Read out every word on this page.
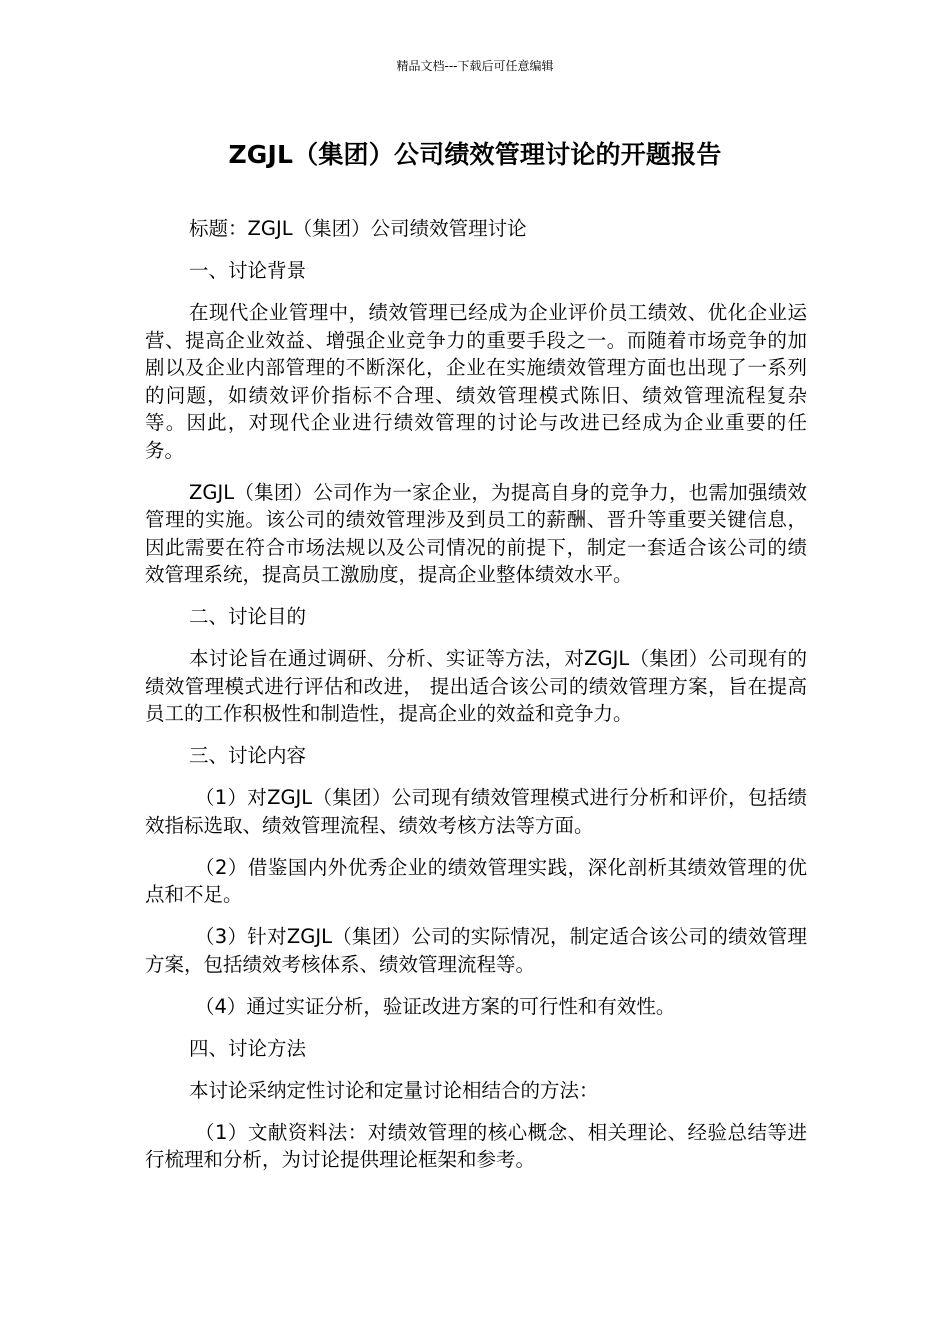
精品文档---下载后可任意编辑
ZGJL（集团）公司绩效管理讨论的开题报告

标题：ZGJL（集团）公司绩效管理讨论

一、讨论背景

在现代企业管理中，绩效管理已经成为企业评价员工绩效、优化企业运营、提高企业效益、增强企业竞争力的重要手段之一。而随着市场竞争的加剧以及企业内部管理的不断深化，企业在实施绩效管理方面也出现了一系列的问题，如绩效评价指标不合理、绩效管理模式陈旧、绩效管理流程复杂等。因此，对现代企业进行绩效管理的讨论与改进已经成为企业重要的任务。

ZGJL（集团）公司作为一家企业，为提高自身的竞争力，也需加强绩效管理的实施。该公司的绩效管理涉及到员工的薪酬、晋升等重要关键信息，因此需要在符合市场法规以及公司情况的前提下，制定一套适合该公司的绩效管理系统，提高员工激励度，提高企业整体绩效水平。

二、讨论目的

本讨论旨在通过调研、分析、实证等方法，对ZGJL（集团）公司现有的绩效管理模式进行评估和改进， 提出适合该公司的绩效管理方案，旨在提高员工的工作积极性和制造性，提高企业的效益和竞争力。

三、讨论内容

（1）对ZGJL（集团）公司现有绩效管理模式进行分析和评价，包括绩效指标选取、绩效管理流程、绩效考核方法等方面。

（2）借鉴国内外优秀企业的绩效管理实践，深化剖析其绩效管理的优点和不足。

（3）针对ZGJL（集团）公司的实际情况，制定适合该公司的绩效管理方案，包括绩效考核体系、绩效管理流程等。

（4）通过实证分析，验证改进方案的可行性和有效性。

四、讨论方法

本讨论采纳定性讨论和定量讨论相结合的方法：

（1）文献资料法：对绩效管理的核心概念、相关理论、经验总结等进行梳理和分析，为讨论提供理论框架和参考。
